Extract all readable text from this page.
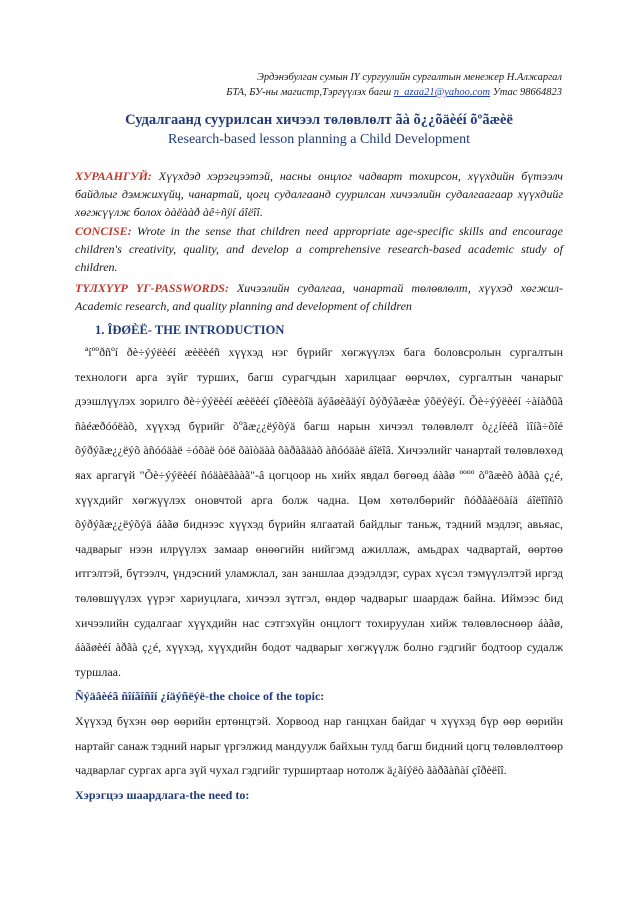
Эрдэнэбулган сумын IY сургуулийн сургалтын менежер Н.Алжаргал
БТА, БУ-ны магистр,Тэргүүлэх багш n_azaa21@yahoo.com Утас 98664823
Судалгаанд суурилсан хичээл төлөвлөлт ãà õ¿¿õäèéí õºãæèë
Research-based lesson planning a Child Development
ХУРААНГУЙ: Хүүхдэд хэрэгцээтэй, насны онцлог чадварт тохирсон, хүүхдийн бүтээлч байдлыг дэмжихүйц, чанартай, цогц судалгаанд суурилсан хичээлийн судалгаагаар хүүхдийг хөгжүүлж болох òàëààð àê÷ñÿí áîëîî.
CONCISE: Wrote in the sense that children need appropriate age-specific skills and encourage children's creativity, quality, and develop a comprehensive research-based academic study of children.
ТҮЛХҮҮР ҮГ-PASSWORDS: Хичээлийн судалгаа, чанартай төлөвлөлт, хүүхэд хөгжил- Academic research, and quality planning and development of children
1. ÎÐØÈË- THE INTRODUCTION
ªíººðñºí ðè÷ýýëèéí æèëèéñ хүүхэд нэг бүрийг хөгжүүлэх бага боловсролын сургалтын технологи арга зүйг турших, багш сурагчдын харилцааг өөрчлөх, сургалтын чанарыг дээшлүүлэх зорилго ðè÷ýýëèéí æèëèéí çîðèëòîä äýâøèãäýí õýðýãæèæ ýõëýëýí. Õè÷ýýëèéí ÷àíàðûã ñàéæðóóëàõ, хүүхэд бүрийг õºãæ¿¿ëýõýä багш нарын хичээл төлөвлөлт ò¿¿íèéã ìîíã÷õîé õýðýãæ¿¿ëýõ àñóóäàë ÷óõàë òóë õàìòäàà õàðàãäàõ àñóóäàë áîëîâ. Хичээлийг чанартай төлөвлөхөд яах аргагүй "Õè÷ýýëèéí ñóäàëãààã"-â цогцоор нь хийх явдал бөгөөд áàãø ºººº õºãæèõ àðãà ç¿é, хүүхдийг хөгжүүлэх оновчтой арга болж чадна. Цөм хөтөлбөрийг ñóðãàëöàíä áîëîîñîõ õýðýãæ¿¿ëýõýä áàãø биднээс хүүхэд бүрийн ялгаатай байдлыг таньж, тэдний мэдлэг, авьяас, чадварыг нээн илрүүлэх замаар өнөөгийн нийгэмд ажиллаж, амьдрах чадвартай, өөртөө итгэлтэй, бүтээлч, үндэсний уламжлал, зан заншлаа дээдэлдэг, сурах хүсэл тэмүүлэлтэй иргэд төлөвшүүлэх үүрэг хариуцлага, хичээл зүтгэл, өндөр чадварыг шаардаж байна. Иймээс бид хичээлийн судалгааг хүүхдийн нас сэтгэхүйн онцлогт тохируулан хийж төлөвлөснөөр áàãø, áàãøèéí àðãà ç¿é, хүүхэд, хүүхдийн бодот чадварыг хөгжүүлж болно гэдгийг бодтоор судалж туршлаа.
Ñýäâèéã ñîíãîñîí ¿íäýñëýë-the choice of the topic:
Хүүхэд бүхэн өөр өөрийн ертөнцтэй. Хорвоод нар ганцхан байдаг ч хүүхэд бүр өөр өөрийн нартайг санаж тэдний нарыг үргэлжид мандуулж байхын тулд багш бидний цогц төлөвлөлтөөр чадварлаг сургах арга зүй чухал гэдгийг турширтаар нотолж ä¿ãíýëò ãàðãàñàí çîðèëîî.
Хэрэгцээ шаардлага-the need to:
